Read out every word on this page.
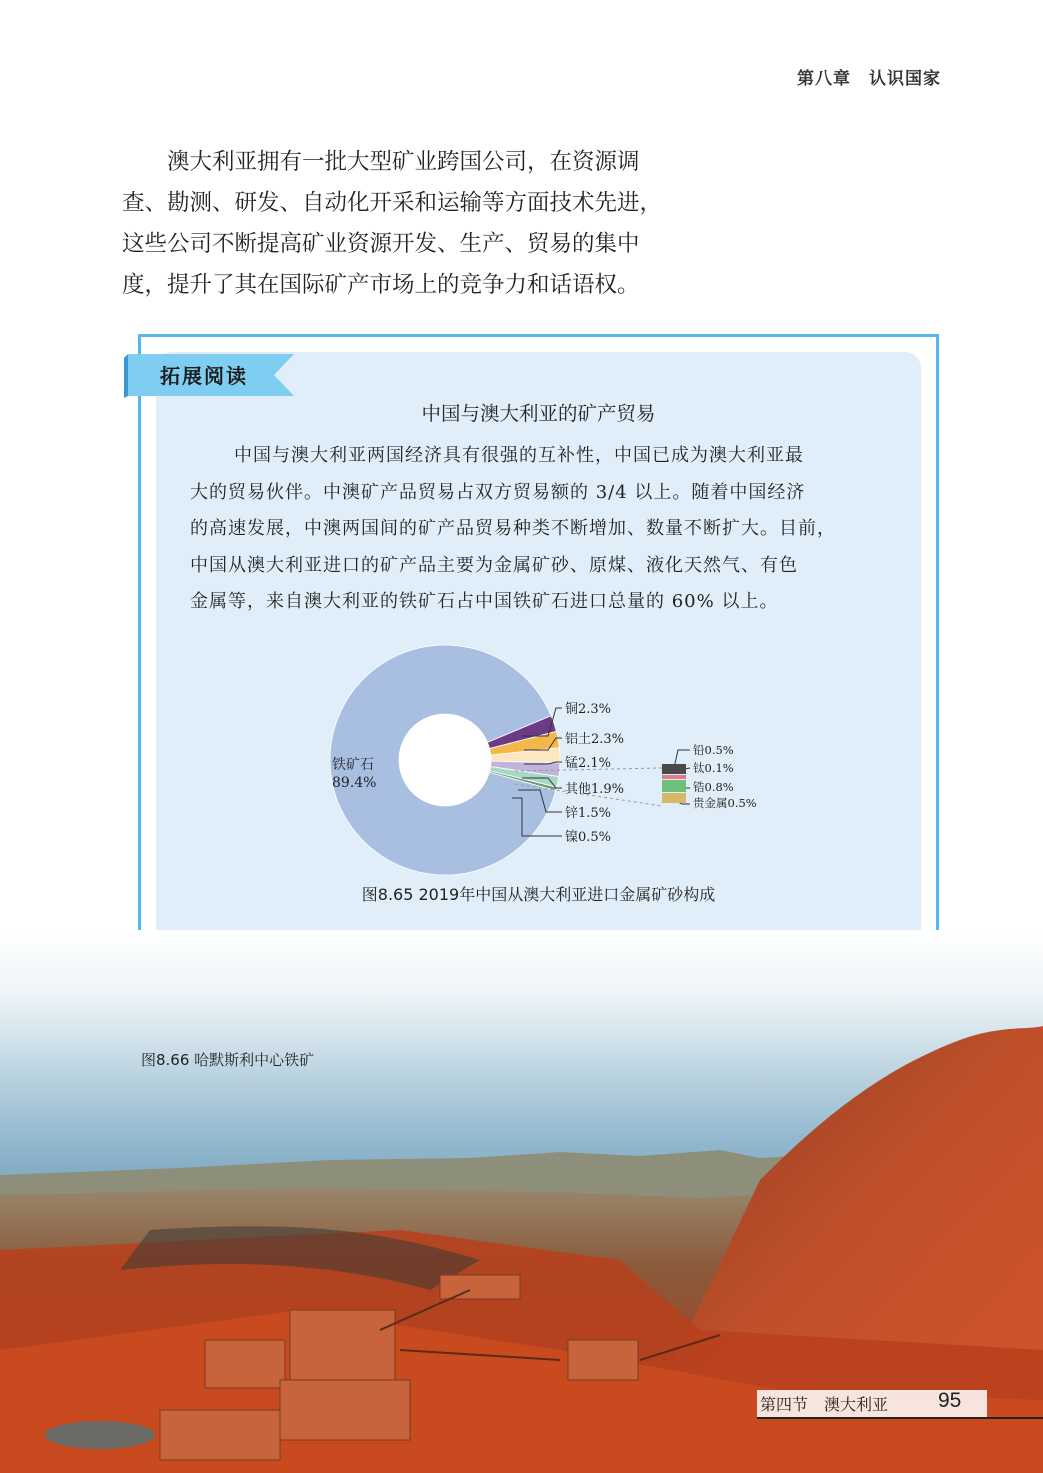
第八章　认识国家

澳大利亚拥有一批大型矿业跨国公司，在资源调
查、勘测、研发、自动化开采和运输等方面技术先进，
这些公司不断提高矿业资源开发、生产、贸易的集中
度，提升了其在国际矿产市场上的竞争力和话语权。

拓展阅读
中国与澳大利亚的矿产贸易

中国与澳大利亚两国经济具有很强的互补性，中国已成为澳大利亚最
大的贸易伙伴。中澳矿产品贸易占双方贸易额的 3/4 以上。随着中国经济
的高速发展，中澳两国间的矿产品贸易种类不断增加、数量不断扩大。目前，
中国从澳大利亚进口的矿产品主要为金属矿砂、原煤、液化天然气、有色
金属等，来自澳大利亚的铁矿石占中国铁矿石进口总量的 60% 以上。

铜2.3%
铝土2.3%
锰2.1%
其他1.9%
锌1.5%
镍0.5%
铅0.5%
钛0.1%
锆0.8%
贵金属0.5%
铁矿石
89.4%
图8.65 2019年中国从澳大利亚进口金属矿砂构成
图8.66 哈默斯利中心铁矿
第四节　澳大利亚 95
